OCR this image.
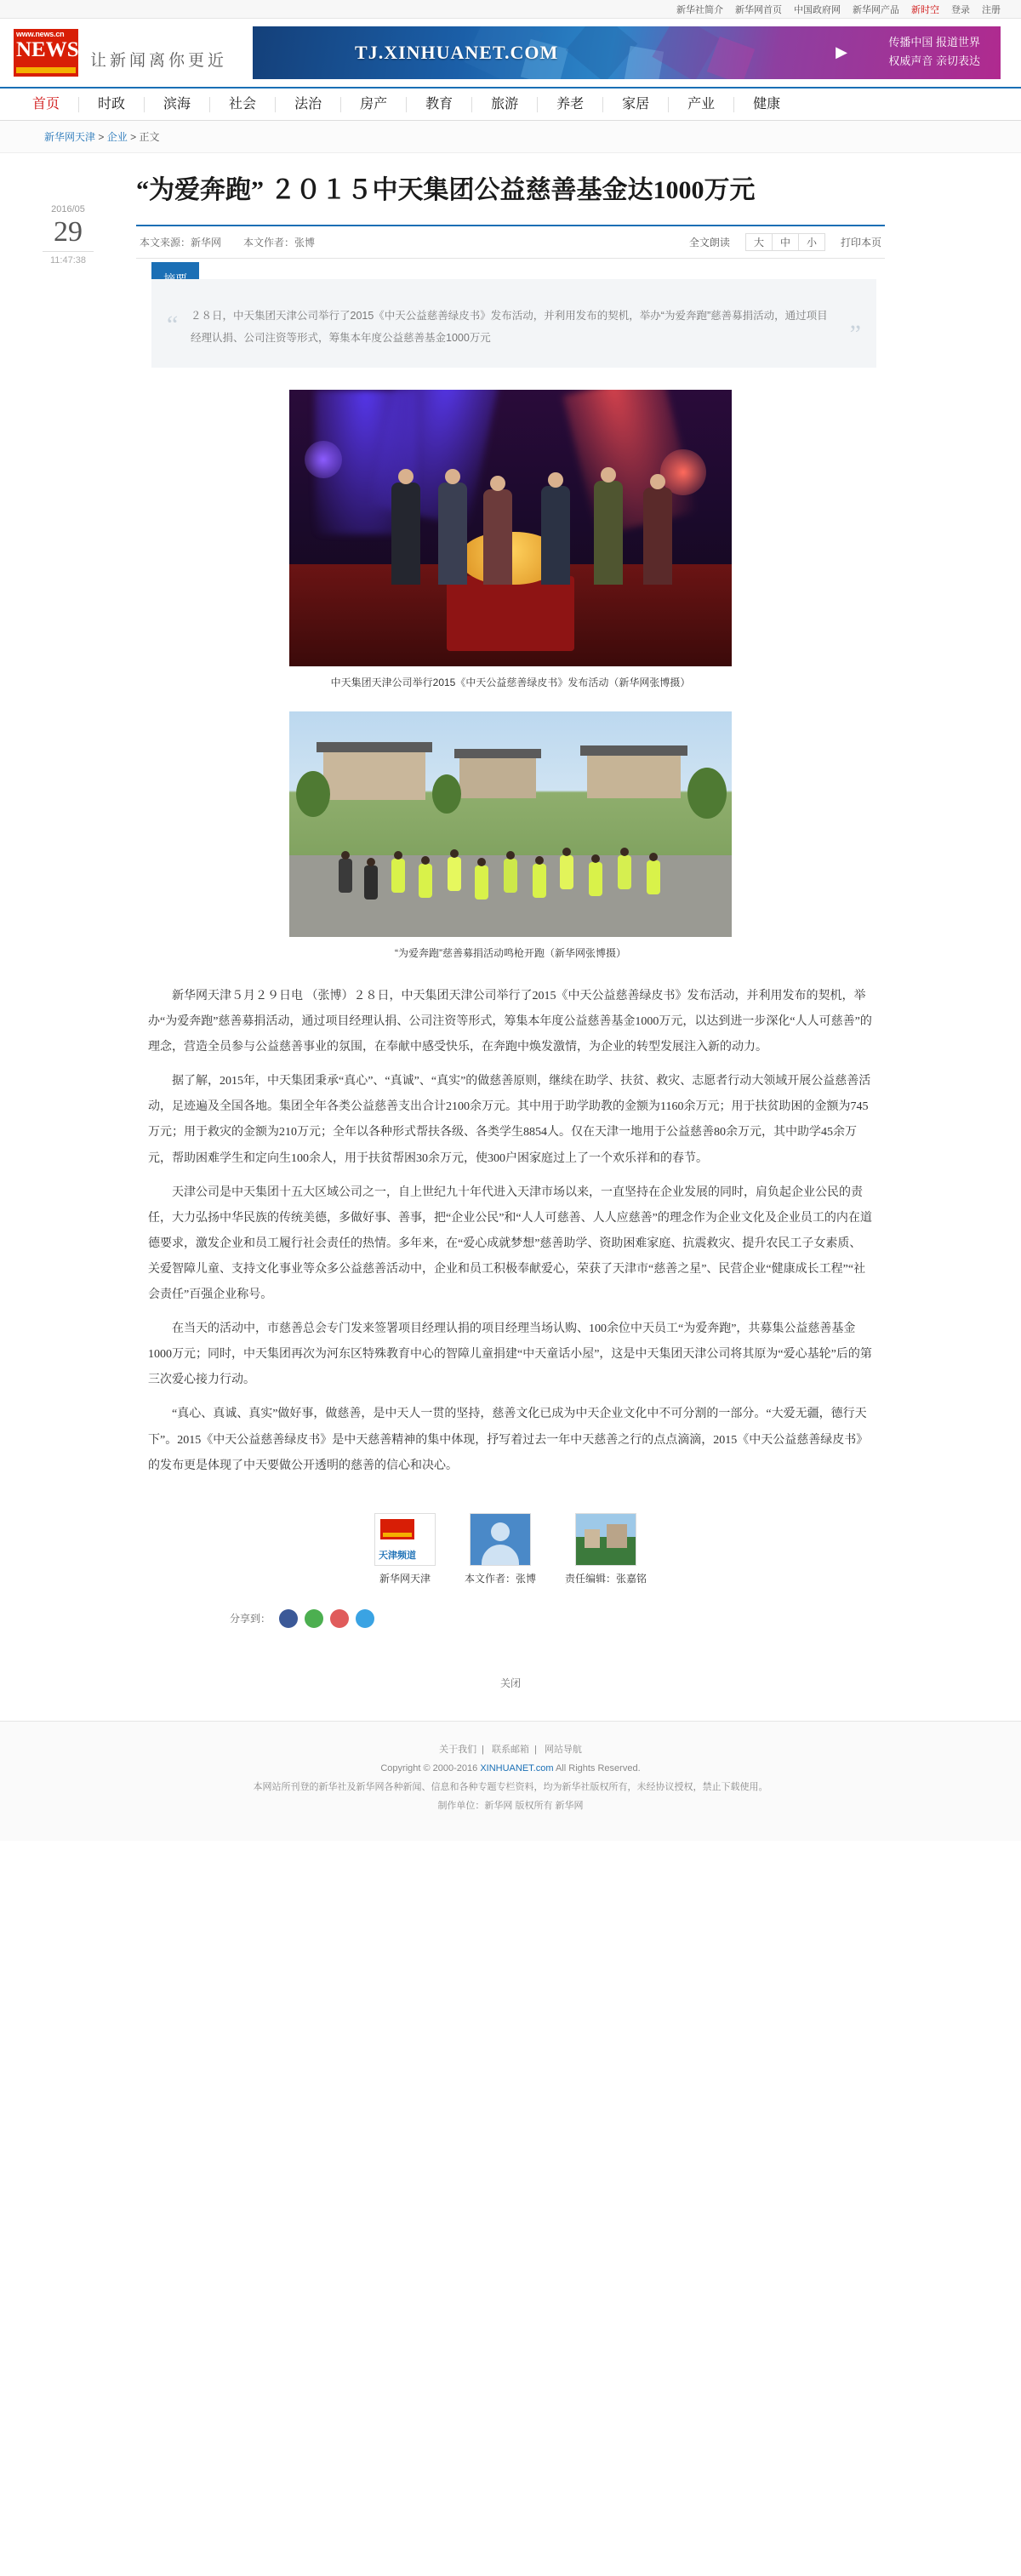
新华社简介 新华网首页 中国政府网 新华网产品 新时空 登录 注册
www.news.cn
NEWS 让新闻离你更近	TJ.XINHUANET.COM	▶
传播中国 报道世界
权威声音 亲切表达
首页	时政	滨海	社会	法治	房产	教育	旅游	养老	家居	产业	健康
新华网天津 > 企业 > 正文
2016/05
29
11:47:38
“为爱奔跑” ２０１５中天集团公益慈善基金达1000万元
本文来源：新华网 本文作者：张博	全文朗读	大	中	小	打印本页
“ ２８日，中天集团天津公司举行了2015《中天公益慈善绿皮书》发布活动，并利用发布的契机，举办“为爱奔跑”慈善募捐活动，通过项目经理认捐、公司注资等形式，筹集本年度公益慈善基金1000万元	”
中天集团天津公司举行2015《中天公益慈善绿皮书》发布活动（新华网张博摄）
“为爱奔跑”慈善募捐活动鸣枪开跑（新华网张博摄）

新华网天津５月２９日电 （张博）２８日，中天集团天津公司举行了2015《中天公益慈善绿皮书》发布活动，并利用发布的契机，举办“为爱奔跑”慈善募捐活动，通过项目经理认捐、公司注资等形式，筹集本年度公益慈善基金1000万元，以达到进一步深化“人人可慈善”的理念，营造全员参与公益慈善事业的氛围，在奉献中感受快乐，在奔跑中焕发激情，为企业的转型发展注入新的动力。

据了解，2015年，中天集团秉承“真心”、“真诚”、“真实”的做慈善原则，继续在助学、扶贫、救灾、志愿者行动大领域开展公益慈善活动，足迹遍及全国各地。集团全年各类公益慈善支出合计2100余万元。其中用于助学助教的金额为1160余万元；用于扶贫助困的金额为745万元；用于救灾的金额为210万元；全年以各种形式帮扶各级、各类学生8854人。仅在天津一地用于公益慈善80余万元，其中助学45余万元，帮助困难学生和定向生100余人，用于扶贫帮困30余万元，使300户困家庭过上了一个欢乐祥和的春节。

天津公司是中天集团十五大区域公司之一，自上世纪九十年代进入天津市场以来，一直坚持在企业发展的同时，肩负起企业公民的责任，大力弘扬中华民族的传统美德，多做好事、善事，把“企业公民”和“人人可慈善、人人应慈善”的理念作为企业文化及企业员工的内在道德要求，激发企业和员工履行社会责任的热情。多年来，在“爱心成就梦想”慈善助学、资助困难家庭、抗震救灾、提升农民工子女素质、关爱智障儿童、支持文化事业等众多公益慈善活动中，企业和员工积极奉献爱心，荣获了天津市“慈善之星”、民营企业“健康成长工程”“社会责任”百强企业称号。

在当天的活动中，市慈善总会专门发来签署项目经理认捐的项目经理当场认购、100余位中天员工“为爱奔跑”，共募集公益慈善基金1000万元；同时，中天集团再次为河东区特殊教育中心的智障儿童捐建“中天童话小屋”，这是中天集团天津公司将其原为“爱心基轮”后的第三次爱心接力行动。

“真心、真诚、真实”做好事，做慈善，是中天人一贯的坚持，慈善文化已成为中天企业文化中不可分割的一部分。“大爱无疆，德行天下”。2015《中天公益慈善绿皮书》是中天慈善精神的集中体现，抒写着过去一年中天慈善之行的点点滴滴，2015《中天公益慈善绿皮书》的发布更是体现了中天要做公开透明的慈善的信心和决心。

天津频道
新华网天津	本文作者：张博	责任编辑：张嘉铭
分享到：
关闭
关于我们 | 联系邮箱 | 网站导航
Copyright © 2000-2016 XINHUANET.com All Rights Reserved.
本网站所刊登的新华社及新华网各种新闻、信息和各种专题专栏资料，均为新华社版权所有，未经协议授权，禁止下载使用。
制作单位：新华网 版权所有 新华网
